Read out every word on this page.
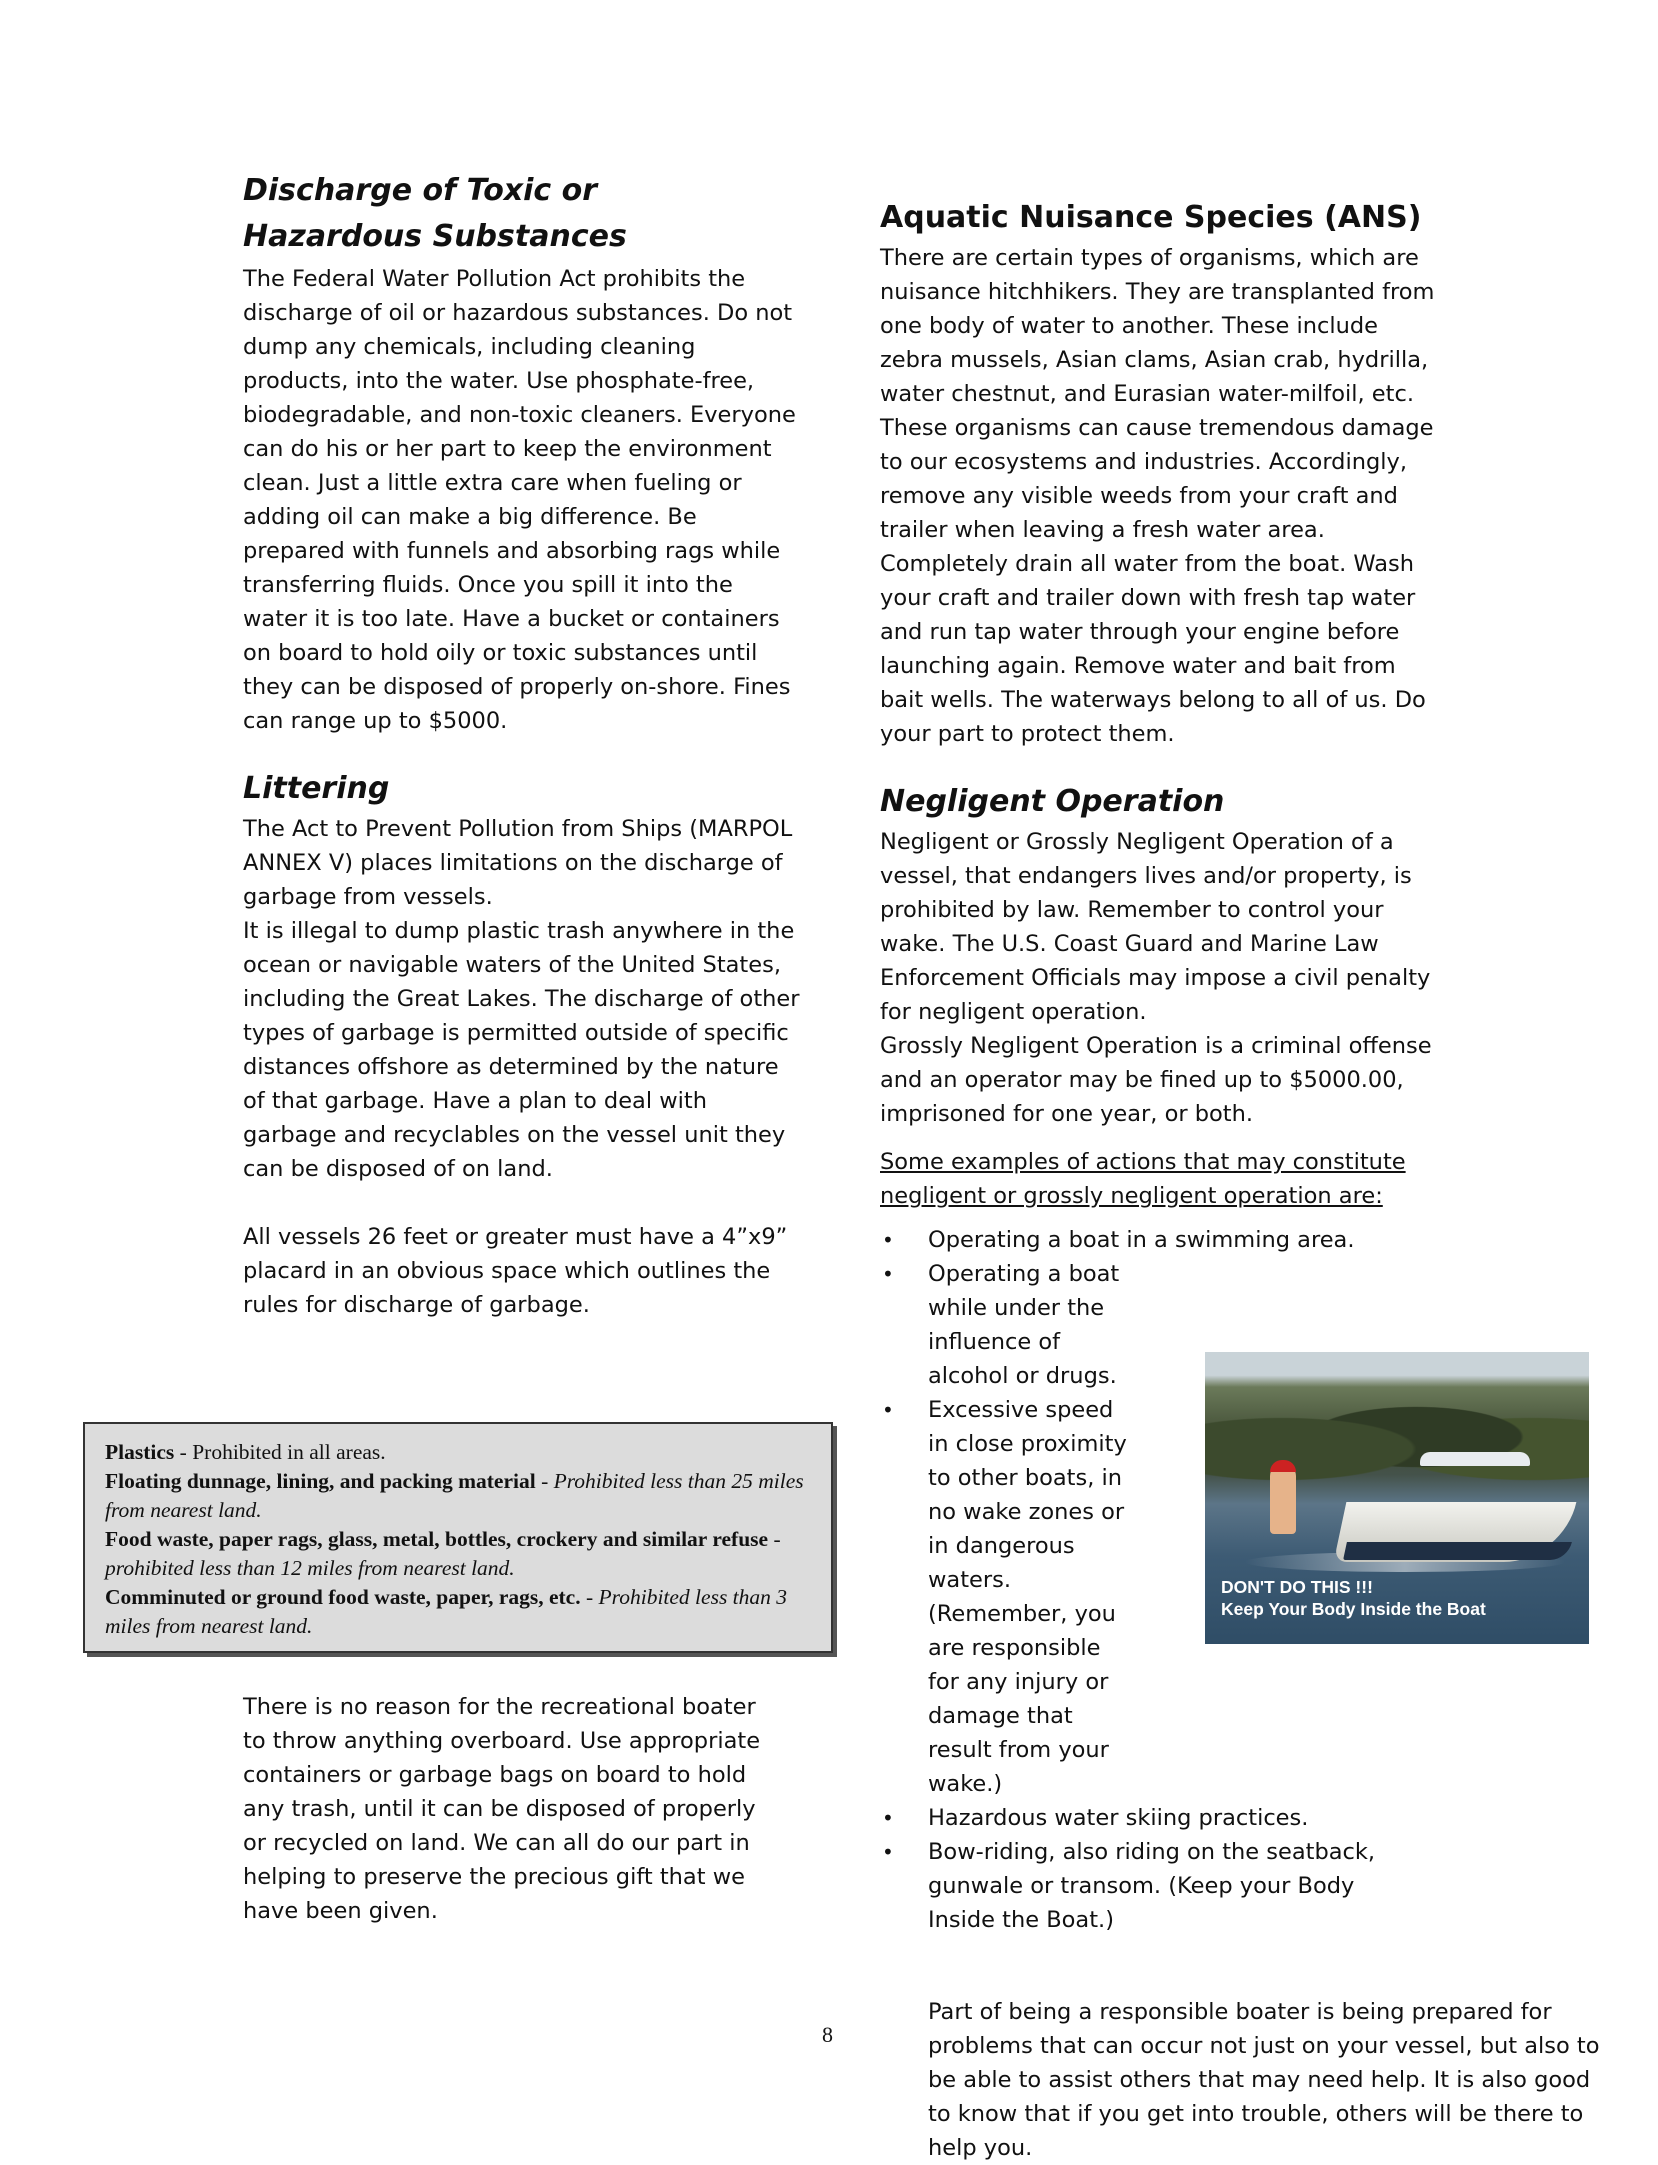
Discharge of Toxic or Hazardous Substances

The Federal Water Pollution Act prohibits the discharge of oil or hazardous substances. Do not dump any chemicals, including cleaning products, into the water. Use phosphate-free, biodegradable, and non-toxic cleaners. Everyone can do his or her part to keep the environment clean. Just a little extra care when fueling or adding oil can make a big difference. Be prepared with funnels and absorbing rags while transferring fluids. Once you spill it into the water it is too late. Have a bucket or containers on board to hold oily or toxic substances until they can be disposed of properly on-shore. Fines can range up to $5000.

Littering

The Act to Prevent Pollution from Ships (MARPOL ANNEX V) places limitations on the discharge of garbage from vessels.

It is illegal to dump plastic trash anywhere in the ocean or navigable waters of the United States, including the Great Lakes. The discharge of other types of garbage is permitted outside of specific distances offshore as determined by the nature of that garbage. Have a plan to deal with garbage and recyclables on the vessel unit they can be disposed of on land.

All vessels 26 feet or greater must have a 4”x9” placard in an obvious space which outlines the rules for discharge of garbage.

Plastics - Prohibited in all areas.
Floating dunnage, lining, and packing material - Prohibited less than 25 miles from nearest land.
Food waste, paper rags, glass, metal, bottles, crockery and similar refuse - prohibited less than 12 miles from nearest land.
Comminuted or ground food waste, paper, rags, etc. - Prohibited less than 3 miles from nearest land.

There is no reason for the recreational boater to throw anything overboard. Use appropriate containers or garbage bags on board to hold any trash, until it can be disposed of properly or recycled on land. We can all do our part in helping to preserve the precious gift that we have been given.

Aquatic Nuisance Species (ANS)

There are certain types of organisms, which are nuisance hitchhikers. They are transplanted from one body of water to another. These include zebra mussels, Asian clams, Asian crab, hydrilla, water chestnut, and Eurasian water-milfoil, etc. These organisms can cause tremendous damage to our ecosystems and industries. Accordingly, remove any visible weeds from your craft and trailer when leaving a fresh water area. Completely drain all water from the boat. Wash your craft and trailer down with fresh tap water and run tap water through your engine before launching again. Remove water and bait from bait wells. The waterways belong to all of us. Do your part to protect them.

Negligent Operation

Negligent or Grossly Negligent Operation of a vessel, that endangers lives and/or property, is prohibited by law. Remember to control your wake. The U.S. Coast Guard and Marine Law Enforcement Officials may impose a civil penalty for negligent operation.

Grossly Negligent Operation is a criminal offense and an operator may be fined up to $5000.00, imprisoned for one year, or both.

Some examples of actions that may constitute negligent or grossly negligent operation are:

• Operating a boat in a swimming area.
• Operating a boat while under the influence of alcohol or drugs.
• Excessive speed in close proximity to other boats, in no wake zones or in dangerous waters. (Remember, you are responsible for any injury or damage that result from your wake.)
• Hazardous water skiing practices.
• Bow-riding, also riding on the seatback, gunwale or transom. (Keep your Body Inside the Boat.)

Part of being a responsible boater is being prepared for problems that can occur not just on your vessel, but also to be able to assist others that may need help. It is also good to know that if you get into trouble, others will be there to help you.

DON'T DO THIS !!!
Keep Your Body Inside the Boat
8
